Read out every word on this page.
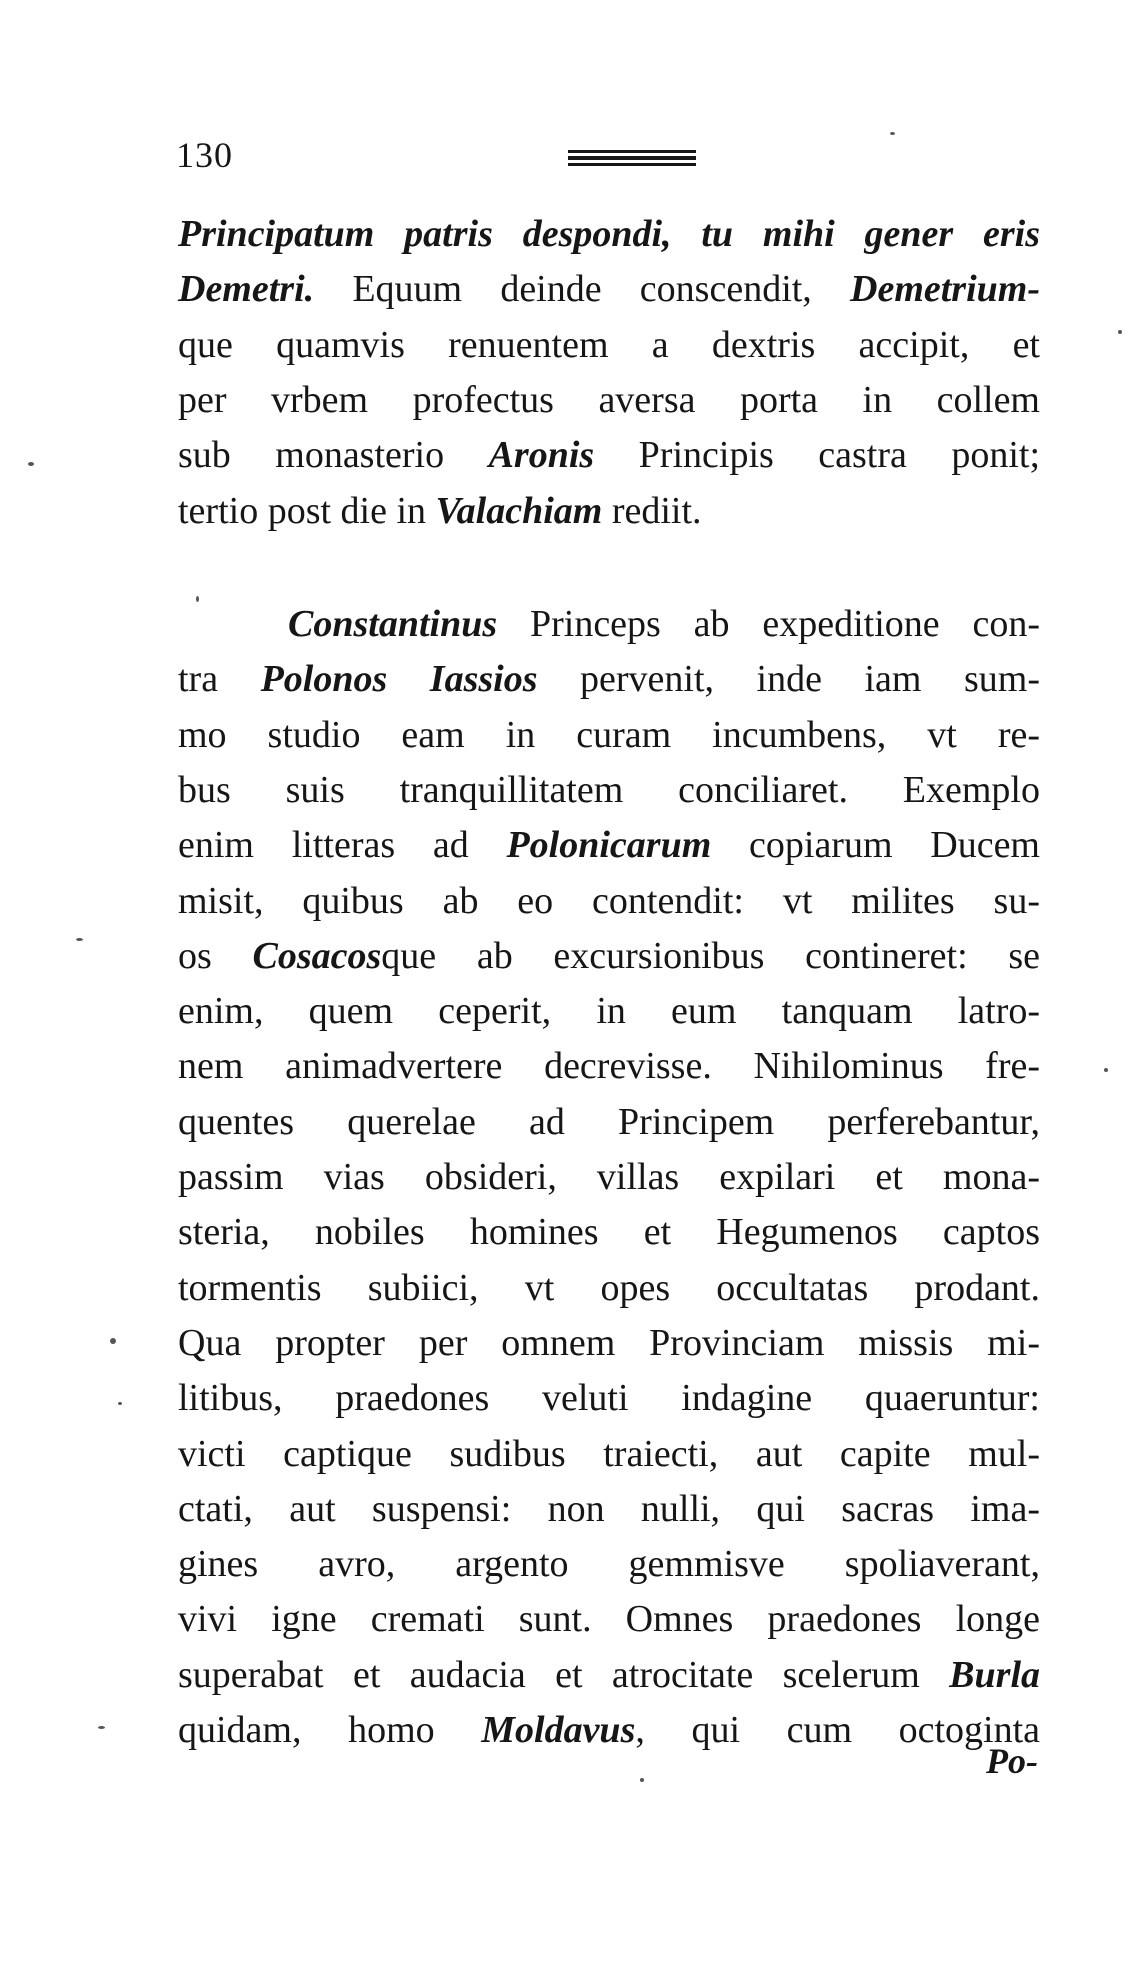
130
Principatum patris despondi, tu mihi gener eris
Demetri. Equum deinde conscendit, Demetrium-
que quamvis renuentem a dextris accipit, et
per vrbem profectus aversa porta in collem
sub monasterio Aronis Principis castra ponit;
tertio post die in Valachiam rediit.
Constantinus Princeps ab expeditione con-
tra Polonos Iassios pervenit, inde iam sum-
mo studio eam in curam incumbens, vt re-
bus suis tranquillitatem conciliaret. Exemplo
enim litteras ad Polonicarum copiarum Ducem
misit, quibus ab eo contendit: vt milites su-
os Cosacosque ab excursionibus contineret: se
enim, quem ceperit, in eum tanquam latro-
nem animadvertere decrevisse. Nihilominus fre-
quentes querelae ad Principem perferebantur,
passim vias obsideri, villas expilari et mona-
steria, nobiles homines et Hegumenos captos
tormentis subiici, vt opes occultatas prodant.
Qua propter per omnem Provinciam missis mi-
litibus, praedones veluti indagine quaeruntur:
victi captique sudibus traiecti, aut capite mul-
ctati, aut suspensi: non nulli, qui sacras ima-
gines avro, argento gemmisve spoliaverant,
vivi igne cremati sunt. Omnes praedones longe
superabat et audacia et atrocitate scelerum Burla
quidam, homo Moldavus, qui cum octoginta
Po-
